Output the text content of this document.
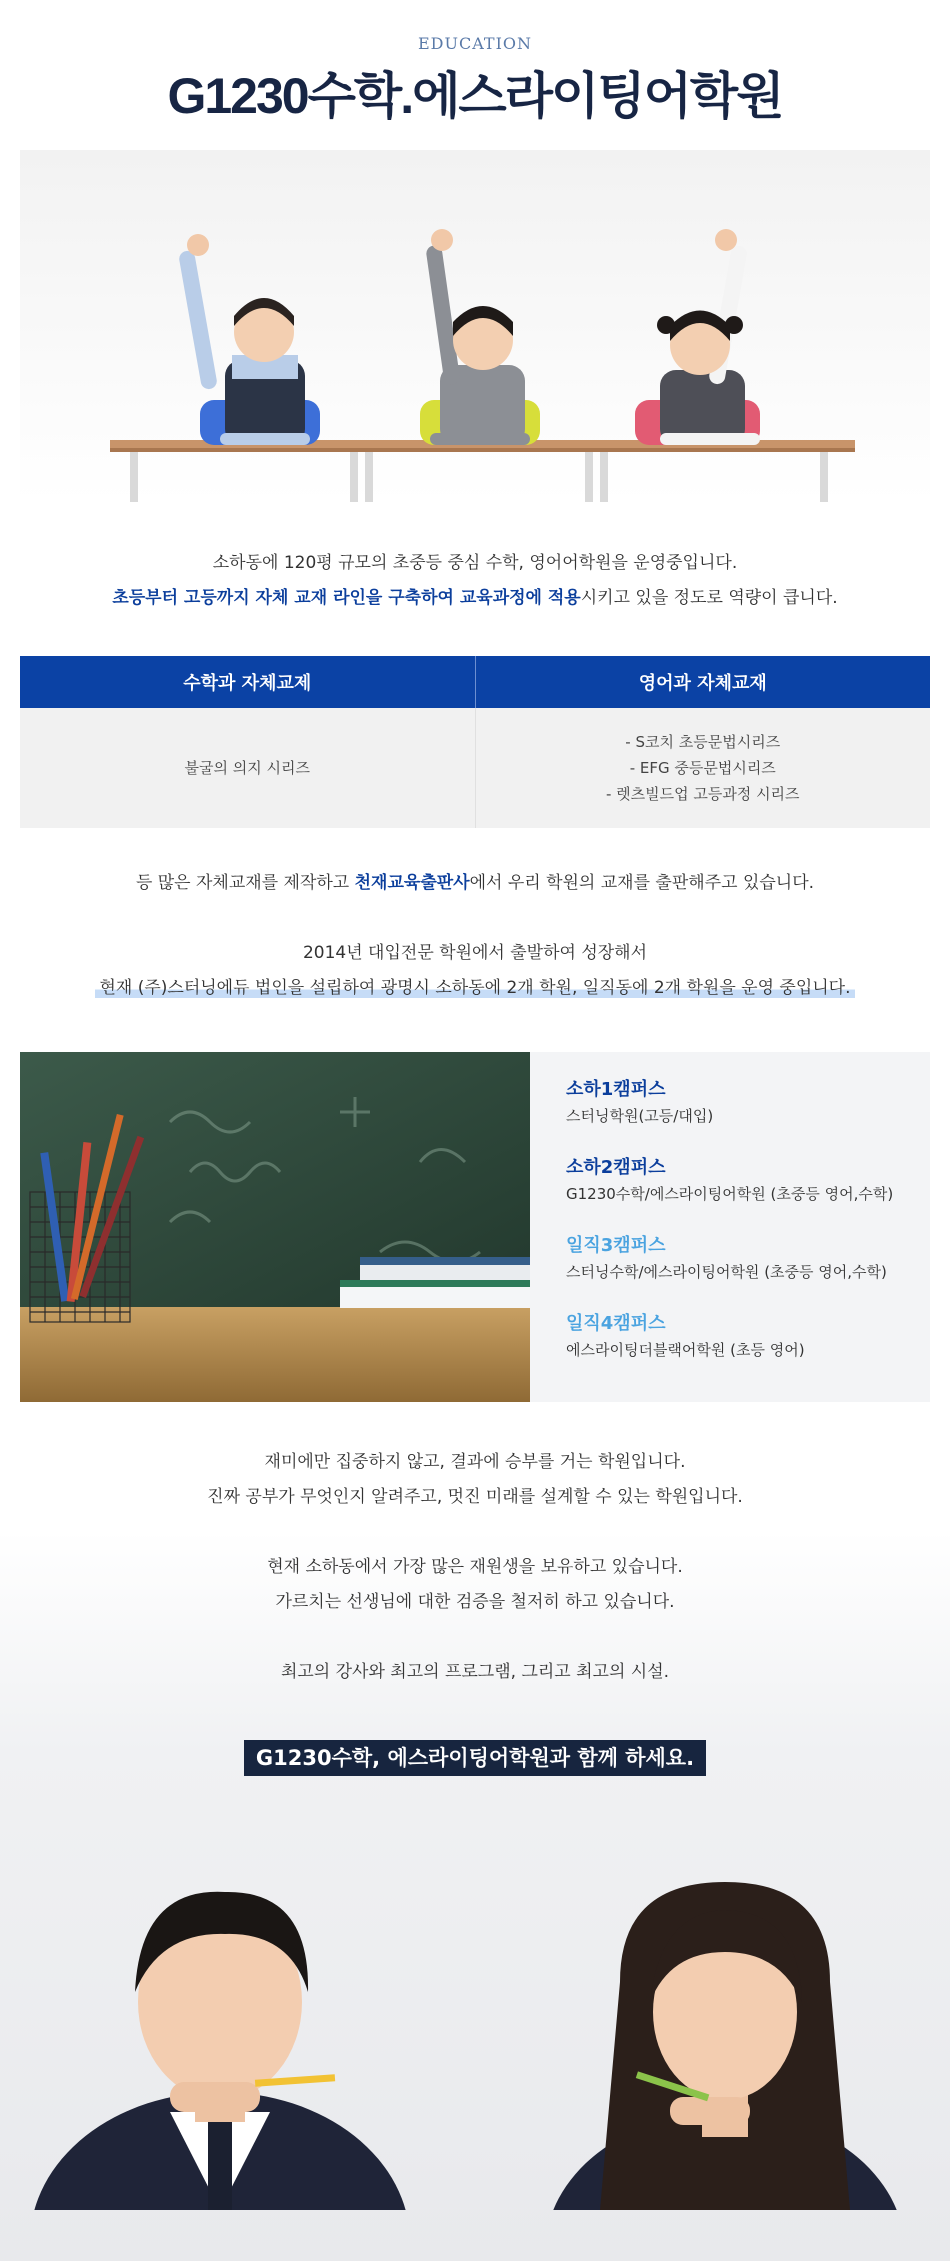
EDUCATION
G1230수학.에스라이팅어학원
소하동에 120평 규모의 초중등 중심 수학, 영어어학원을 운영중입니다.
초등부터 고등까지 자체 교재 라인을 구축하여 교육과정에 적용시키고 있을 정도로 역량이 큽니다.
수학과 자체교제	영어과 자체교재
불굴의 의지 시리즈
- S코치 초등문법시리즈
- EFG 중등문법시리즈
- 렛츠빌드업 고등과정 시리즈
등 많은 자체교재를 제작하고 천재교육출판사에서 우리 학원의 교재를 출판해주고 있습니다.
2014년 대입전문 학원에서 출발하여 성장해서
현재 (주)스터닝에듀 법인을 설립하여 광명시 소하동에 2개 학원, 일직동에 2개 학원을 운영 중입니다.
소하1캠퍼스
스터닝학원(고등/대입)
소하2캠퍼스
G1230수학/에스라이팅어학원 (초중등 영어,수학)
일직3캠퍼스
스터닝수학/에스라이팅어학원 (초중등 영어,수학)
일직4캠퍼스
에스라이팅더블랙어학원 (초등 영어)
재미에만 집중하지 않고, 결과에 승부를 거는 학원입니다.
진짜 공부가 무엇인지 알려주고, 멋진 미래를 설계할 수 있는 학원입니다.
현재 소하동에서 가장 많은 재원생을 보유하고 있습니다.
가르치는 선생님에 대한 검증을 철저히 하고 있습니다.
최고의 강사와 최고의 프로그램, 그리고 최고의 시설.
G1230수학, 에스라이팅어학원과 함께 하세요.
